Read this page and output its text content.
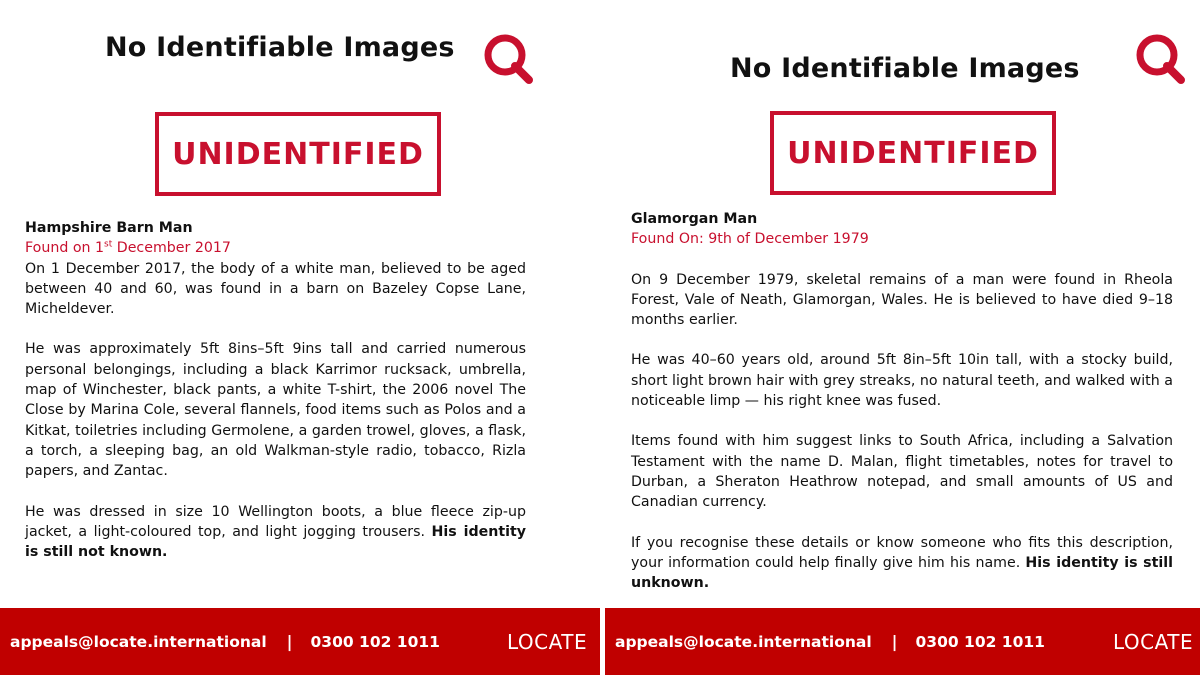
No Identifiable Images
UNIDENTIFIED
Hampshire Barn Man
Found on 1st December 2017

On 1 December 2017, the body of a white man, believed to be aged between 40 and 60, was found in a barn on Bazeley Copse Lane, Micheldever.

He was approximately 5ft 8ins–5ft 9ins tall and carried numerous personal belongings, including a black Karrimor rucksack, umbrella, map of Winchester, black pants, a white T-shirt, the 2006 novel The Close by Marina Cole, several flannels, food items such as Polos and a Kitkat, toiletries including Germolene, a garden trowel, gloves, a flask, a torch, a sleeping bag, an old Walkman-style radio, tobacco, Rizla papers, and Zantac.

He was dressed in size 10 Wellington boots, a blue fleece zip-up jacket, a light-coloured top, and light jogging trousers. His identity is still not known.

No Identifiable Images
UNIDENTIFIED
Glamorgan Man
Found On: 9th of December 1979

On 9 December 1979, skeletal remains of a man were found in Rheola Forest, Vale of Neath, Glamorgan, Wales. He is believed to have died 9–18 months earlier.

He was 40–60 years old, around 5ft 8in–5ft 10in tall, with a stocky build, short light brown hair with grey streaks, no natural teeth, and walked with a noticeable limp — his right knee was fused.

Items found with him suggest links to South Africa, including a Salvation Testament with the name D. Malan, flight timetables, notes for travel to Durban, a Sheraton Heathrow notepad, and small amounts of US and Canadian currency.

If you recognise these details or know someone who fits this description, your information could help finally give him his name. His identity is still unknown.

appeals@locate.international | 0300 102 1011	LOCATE appeals@locate.international | 0300 102 1011	LOCATE
